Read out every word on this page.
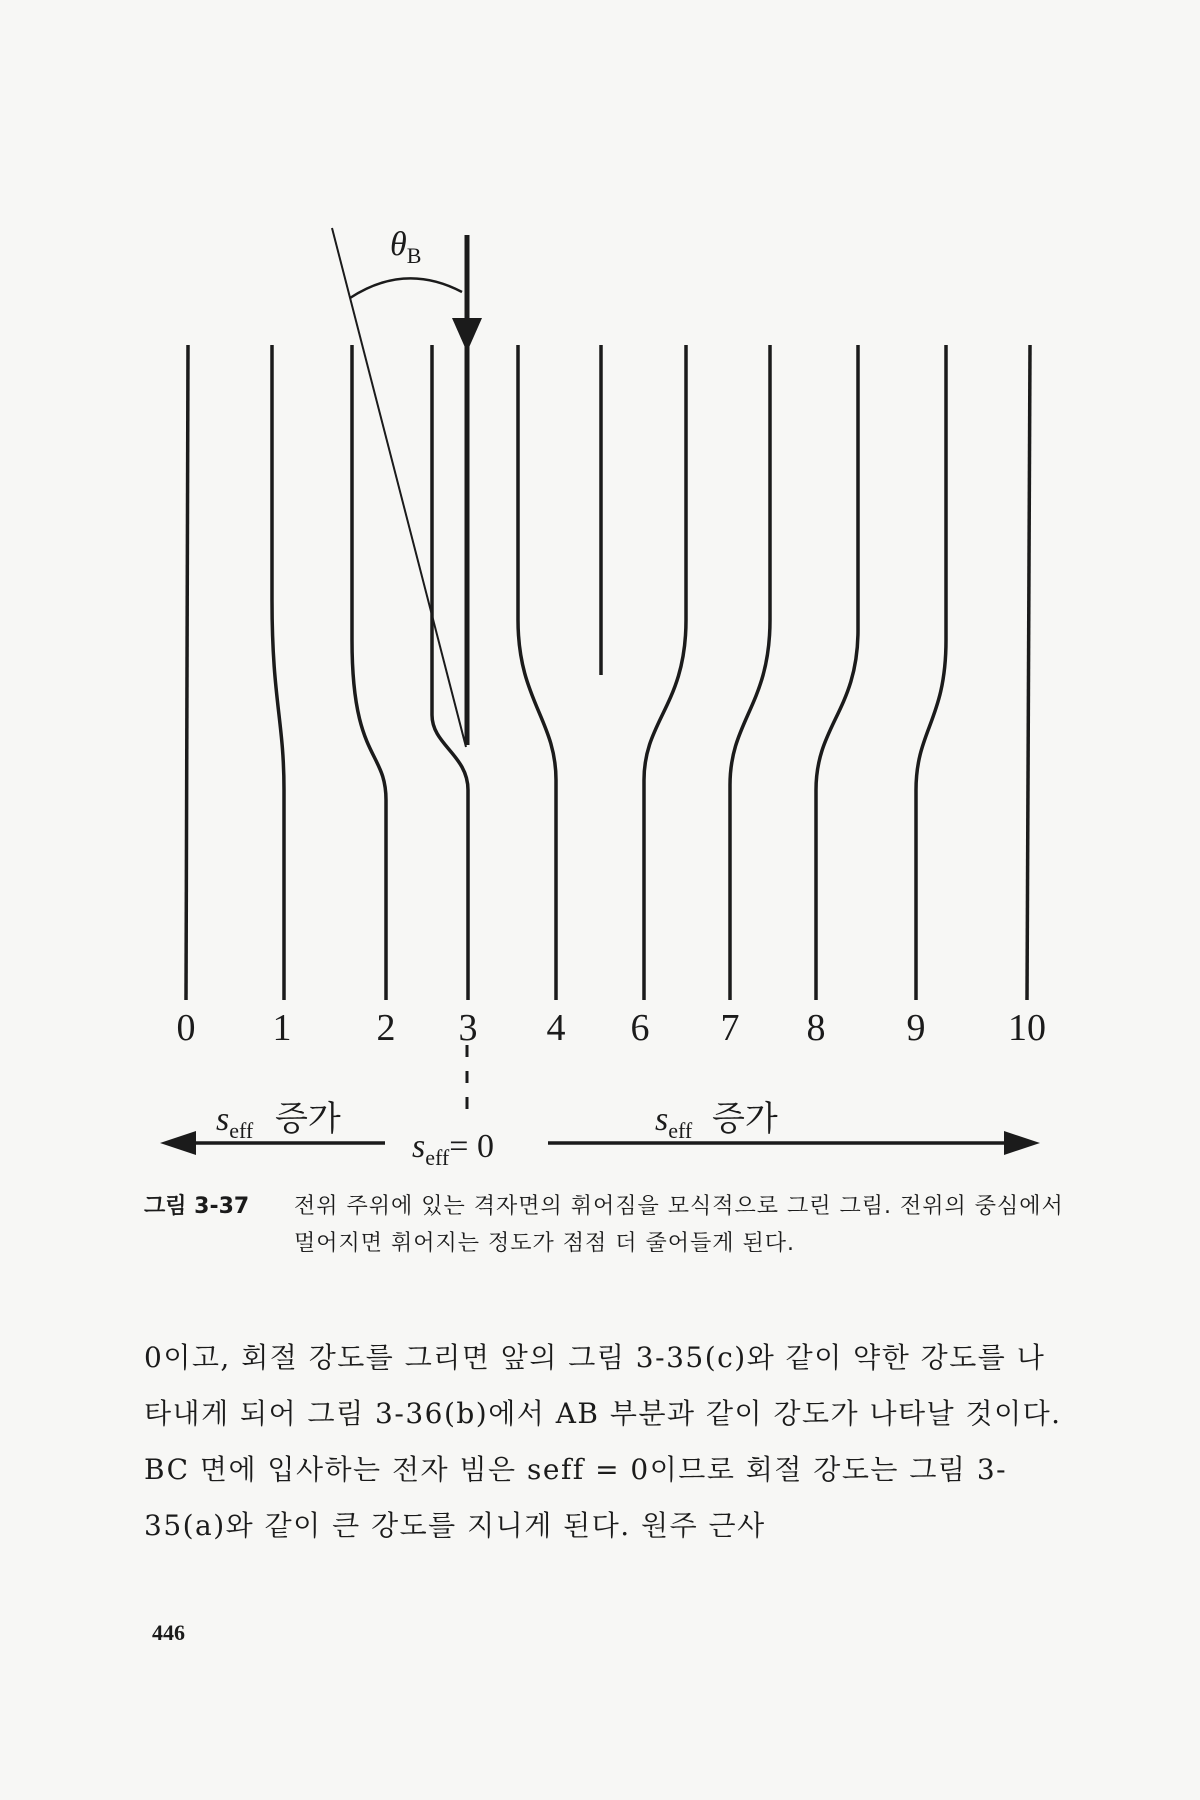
$\theta_B$
0 1 2 3 4 6 7 8 9 10
$s_{eff}$ 증가
$s_{eff}= 0$
$s_{eff}$ 증가
그림 3-37	전위 주위에 있는 격자면의 휘어짐을 모식적으로 그린 그림. 전위의 중심에서 멀어지면 휘어지는 정도가 점점 더 줄어들게 된다.

0이고, 회절 강도를 그리면 앞의 그림 3-35(c)와 같이 약한 강도를 나타내게 되어 그림 3-36(b)에서 AB 부분과 같이 강도가 나타날 것이다. BC 면에 입사하는 전자 빔은 seff = 0이므로 회절 강도는 그림 3-35(a)와 같이 큰 강도를 지니게 된다. 원주 근사

446
